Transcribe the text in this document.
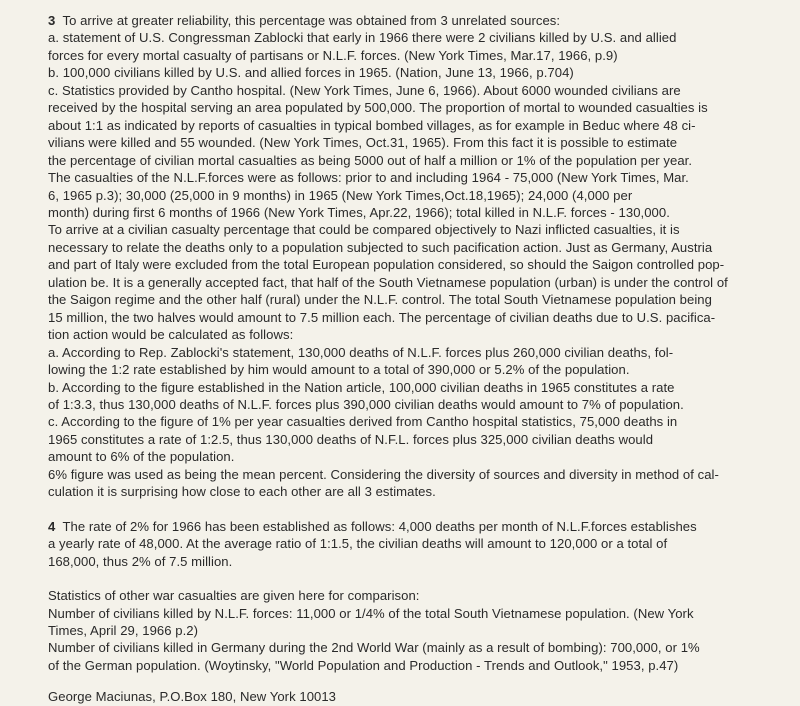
3 To arrive at greater reliability, this percentage was obtained from 3 unrelated sources:
a. statement of U.S. Congressman Zablocki that early in 1966 there were 2 civilians killed by U.S. and allied
forces for every mortal casualty of partisans or N.L.F. forces. (New York Times, Mar.17, 1966, p.9)
b. 100,000 civilians killed by U.S. and allied forces in 1965. (Nation, June 13, 1966, p.704)
c. Statistics provided by Cantho hospital. (New York Times, June 6, 1966). About 6000 wounded civilians are
received by the hospital serving an area populated by 500,000. The proportion of mortal to wounded casualties is
about 1:1 as indicated by reports of casualties in typical bombed villages, as for example in Beduc where 48 ci-
vilians were killed and 55 wounded. (New York Times, Oct.31, 1965). From this fact it is possible to estimate
the percentage of civilian mortal casualties as being 5000 out of half a million or 1% of the population per year.
The casualties of the N.L.F.forces were as follows: prior to and including 1964 - 75,000 (New York Times, Mar.
6, 1965 p.3); 30,000 (25,000 in 9 months) in 1965 (New York Times,Oct.18,1965); 24,000 (4,000 per
month) during first 6 months of 1966 (New York Times, Apr.22, 1966); total killed in N.L.F. forces - 130,000.
To arrive at a civilian casualty percentage that could be compared objectively to Nazi inflicted casualties, it is
necessary to relate the deaths only to a population subjected to such pacification action. Just as Germany, Austria
and part of Italy were excluded from the total European population considered, so should the Saigon controlled pop-
ulation be. It is a generally accepted fact, that half of the South Vietnamese population (urban) is under the control of
the Saigon regime and the other half (rural) under the N.L.F. control. The total South Vietnamese population being
15 million, the two halves would amount to 7.5 million each. The percentage of civilian deaths due to U.S. pacifica-
tion action would be calculated as follows:
a. According to Rep. Zablocki's statement, 130,000 deaths of N.L.F. forces plus 260,000 civilian deaths, fol-
lowing the 1:2 rate established by him would amount to a total of 390,000 or 5.2% of the population.
b. According to the figure established in the Nation article, 100,000 civilian deaths in 1965 constitutes a rate
of 1:3.3, thus 130,000 deaths of N.L.F. forces plus 390,000 civilian deaths would amount to 7% of population.
c. According to the figure of 1% per year casualties derived from Cantho hospital statistics, 75,000 deaths in
1965 constitutes a rate of 1:2.5, thus 130,000 deaths of N.F.L. forces plus 325,000 civilian deaths would
amount to 6% of the population.
6% figure was used as being the mean percent. Considering the diversity of sources and diversity in method of cal-
culation it is surprising how close to each other are all 3 estimates.
4 The rate of 2% for 1966 has been established as follows: 4,000 deaths per month of N.L.F.forces establishes
a yearly rate of 48,000. At the average ratio of 1:1.5, the civilian deaths will amount to 120,000 or a total of
168,000, thus 2% of 7.5 million.
Statistics of other war casualties are given here for comparison:
Number of civilians killed by N.L.F. forces: 11,000 or 1/4% of the total South Vietnamese population. (New York
Times, April 29, 1966 p.2)
Number of civilians killed in Germany during the 2nd World War (mainly as a result of bombing): 700,000, or 1%
of the German population. (Woytinsky, "World Population and Production - Trends and Outlook," 1953, p.47)
George Maciunas, P.O.Box 180, New York 10013
